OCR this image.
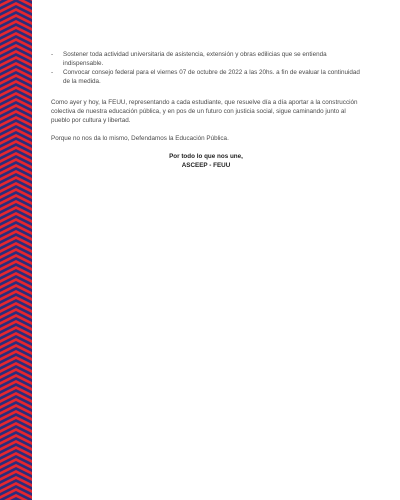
- Sostener toda actividad universitaria de asistencia, extensión y obras edilicias que se entienda indispensable.
- Convocar consejo federal para el viernes 07 de octubre de 2022 a las 20hs. a fin de evaluar la continuidad de la medida.

Como ayer y hoy, la FEUU, representando a cada estudiante, que resuelve día a día aportar a la construcción colectiva de nuestra educación pública, y en pos de un futuro con justicia social, sigue caminando junto al pueblo por cultura y libertad.

Porque no nos da lo mismo, Defendamos la Educación Pública.

Por todo lo que nos une,
ASCEEP - FEUU
